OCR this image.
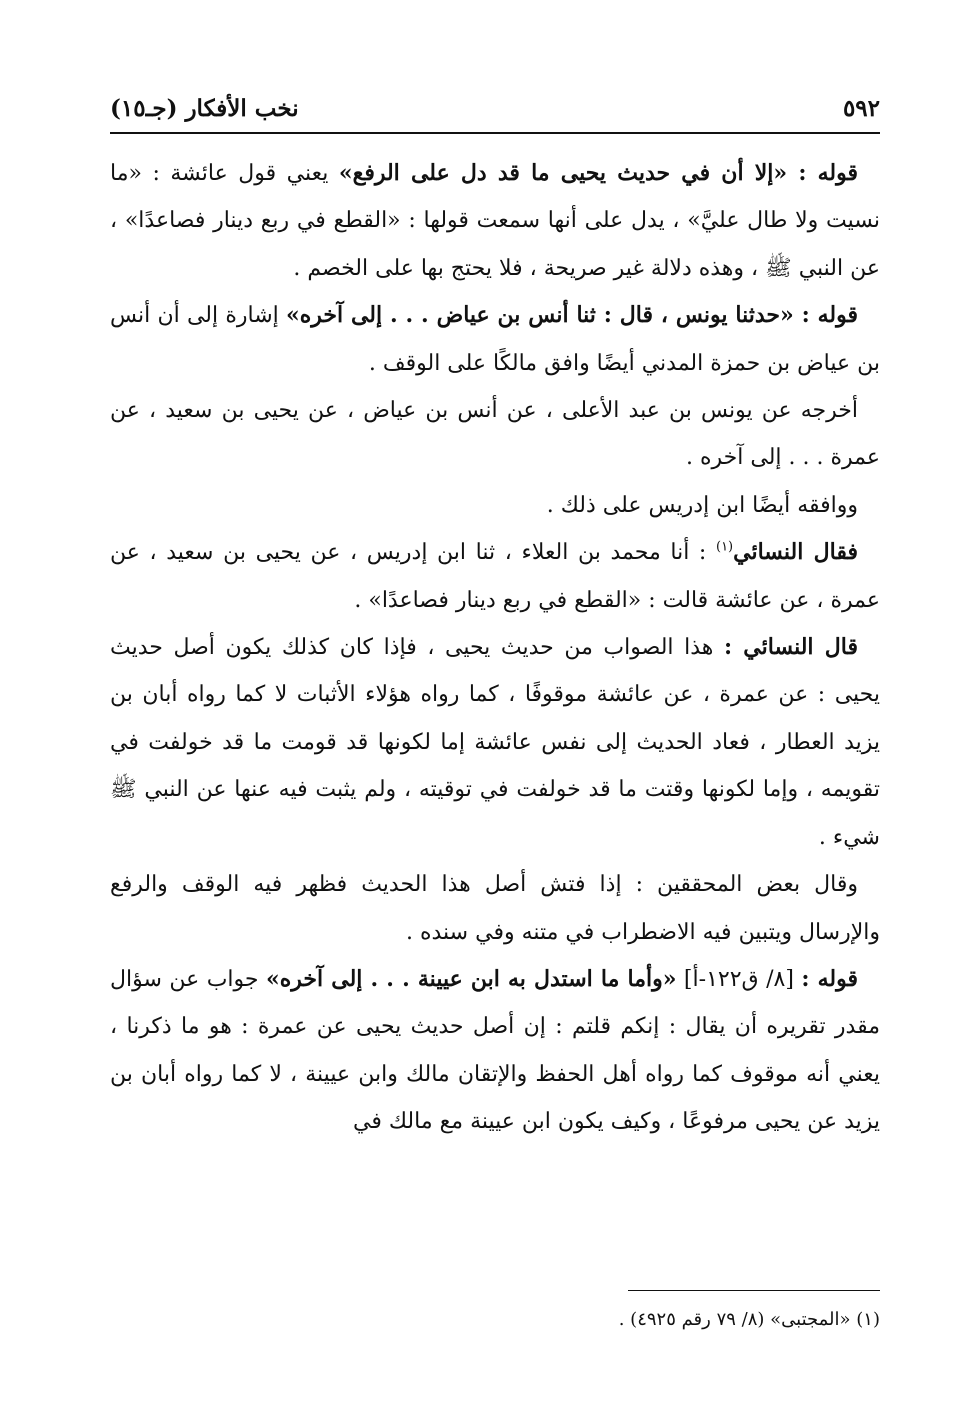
٥٩٢
نخب الأفكار (جـ١٥)

‏ قوله : «إلا أن في حديث يحيى ما قد دل على الرفع» يعني قول عائشة : «ما نسيت ولا طال عليَّ» ، يدل على أنها سمعت قولها : «القطع في ربع دينار فصاعدًا» ، عن النبي ﷺ ، وهذه دلالة غير صريحة ، فلا يحتج بها على الخصم .

‏ قوله : «حدثنا يونس ، قال : ثنا أنس بن عياض . . . إلى آخره» إشارة إلى أن أنس بن عياض بن حمزة المدني أيضًا وافق مالكًا على الوقف .

‏ أخرجه عن يونس بن عبد الأعلى ، عن أنس بن عياض ، عن يحيى بن سعيد ، عن عمرة . . . إلى آخره .

‏ ووافقه أيضًا ابن إدريس على ذلك .

‏ فقال النسائي$^{(١)}$ : أنا محمد بن العلاء ، ثنا ابن إدريس ، عن يحيى بن سعيد ، عن عمرة ، عن عائشة قالت : «القطع في ربع دينار فصاعدًا» .

‏ قال النسائي : هذا الصواب من حديث يحيى ، فإذا كان كذلك يكون أصل حديث يحيى : عن عمرة ، عن عائشة موقوفًا ، كما رواه هؤلاء الأثبات لا كما رواه أبان بن يزيد العطار ، فعاد الحديث إلى نفس عائشة إما لكونها قد قومت ما قد خولفت في تقويمه ، وإما لكونها وقتت ما قد خولفت في توقيته ، ولم يثبت فيه عنها عن النبي ﷺ شيء .

‏ وقال بعض المحققين : إذا فتش أصل هذا الحديث فظهر فيه الوقف والرفع والإرسال ويتبين فيه الاضطراب في متنه وفي سنده .

‏ قوله : [٨/ ق١٢٢-أ] «وأما ما استدل به ابن عيينة . . . إلى آخره» جواب عن سؤال مقدر تقريره أن يقال : إنكم قلتم : إن أصل حديث يحيى عن عمرة : هو ما ذكرنا ، يعني أنه موقوف كما رواه أهل الحفظ والإتقان مالك وابن عيينة ، لا كما رواه أبان بن يزيد عن يحيى مرفوعًا ، وكيف يكون ابن عيينة مع مالك في

(١) «المجتبى» (٨/ ٧٩ رقم ٤٩٢٥) .
